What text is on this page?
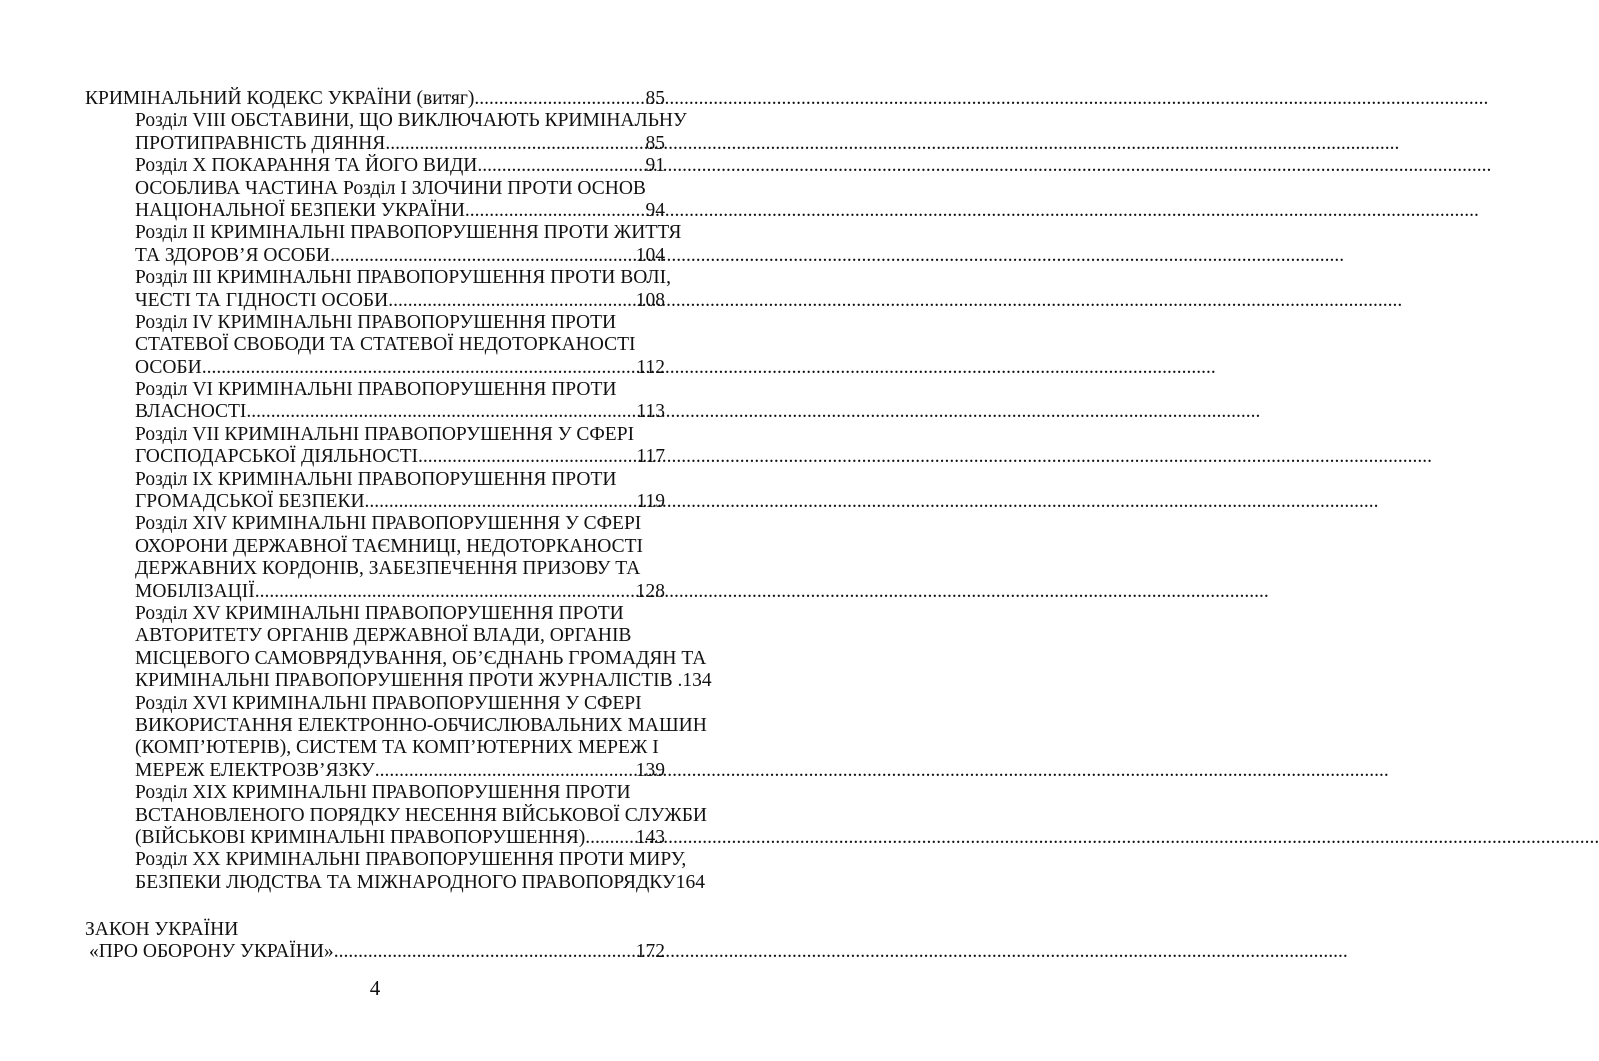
КРИМІНАЛЬНИЙ КОДЕКС УКРАЇНИ (витяг) .....	85
Розділ VIII ОБСТАВИНИ, ЩО ВИКЛЮЧАЮТЬ КРИМІНАЛЬНУ
ПРОТИПРАВНІСТЬ ДІЯННЯ .....	85
Розділ Х ПОКАРАННЯ ТА ЙОГО ВИДИ .....	91
ОСОБЛИВА ЧАСТИНА Розділ І ЗЛОЧИНИ ПРОТИ ОСНОВ
НАЦІОНАЛЬНОЇ БЕЗПЕКИ УКРАЇНИ .....	94
Розділ ІІ КРИМІНАЛЬНІ ПРАВОПОРУШЕННЯ ПРОТИ ЖИТТЯ
ТА ЗДОРОВ’Я ОСОБИ .....	104
Розділ ІІІ КРИМІНАЛЬНІ ПРАВОПОРУШЕННЯ ПРОТИ ВОЛІ,
ЧЕСТІ ТА ГІДНОСТІ ОСОБИ .....	108
Розділ IV КРИМІНАЛЬНІ ПРАВОПОРУШЕННЯ ПРОТИ
СТАТЕВОЇ СВОБОДИ ТА СТАТЕВОЇ НЕДОТОРКАНОСТІ
ОСОБИ .....	112
Розділ VI КРИМІНАЛЬНІ ПРАВОПОРУШЕННЯ ПРОТИ
ВЛАСНОСТІ .....	113
Розділ VII КРИМІНАЛЬНІ ПРАВОПОРУШЕННЯ У СФЕРІ
ГОСПОДАРСЬКОЇ ДІЯЛЬНОСТІ .....	117
Розділ IX КРИМІНАЛЬНІ ПРАВОПОРУШЕННЯ ПРОТИ
ГРОМАДСЬКОЇ БЕЗПЕКИ .....	119
Розділ XIV КРИМІНАЛЬНІ ПРАВОПОРУШЕННЯ У СФЕРІ
ОХОРОНИ ДЕРЖАВНОЇ ТАЄМНИЦІ, НЕДОТОРКАНОСТІ
ДЕРЖАВНИХ КОРДОНІВ, ЗАБЕЗПЕЧЕННЯ ПРИЗОВУ ТА
МОБІЛІЗАЦІЇ .....	128
Розділ XV КРИМІНАЛЬНІ ПРАВОПОРУШЕННЯ ПРОТИ
АВТОРИТЕТУ ОРГАНІВ ДЕРЖАВНОЇ ВЛАДИ, ОРГАНІВ
МІСЦЕВОГО САМОВРЯДУВАННЯ, ОБ’ЄДНАНЬ ГРОМАДЯН ТА
КРИМІНАЛЬНІ ПРАВОПОРУШЕННЯ ПРОТИ ЖУРНАЛІСТІВ . 134
Розділ XVI КРИМІНАЛЬНІ ПРАВОПОРУШЕННЯ У СФЕРІ
ВИКОРИСТАННЯ ЕЛЕКТРОННО-ОБЧИСЛЮВАЛЬНИХ МАШИН
(КОМП’ЮТЕРІВ), СИСТЕМ ТА КОМП’ЮТЕРНИХ МЕРЕЖ І
МЕРЕЖ ЕЛЕКТРОЗВ’ЯЗКУ .....	139
Розділ XIX КРИМІНАЛЬНІ ПРАВОПОРУШЕННЯ ПРОТИ
ВСТАНОВЛЕНОГО ПОРЯДКУ НЕСЕННЯ ВІЙСЬКОВОЇ СЛУЖБИ
(ВІЙСЬКОВІ КРИМІНАЛЬНІ ПРАВОПОРУШЕННЯ) .....	143
Розділ XX КРИМІНАЛЬНІ ПРАВОПОРУШЕННЯ ПРОТИ МИРУ,
БЕЗПЕКИ ЛЮДСТВА ТА МІЖНАРОДНОГО ПРАВОПОРЯДКУ 164
ЗАКОН УКРАЇНИ
«ПРО ОБОРОНУ УКРАЇНИ» .....	172
4
